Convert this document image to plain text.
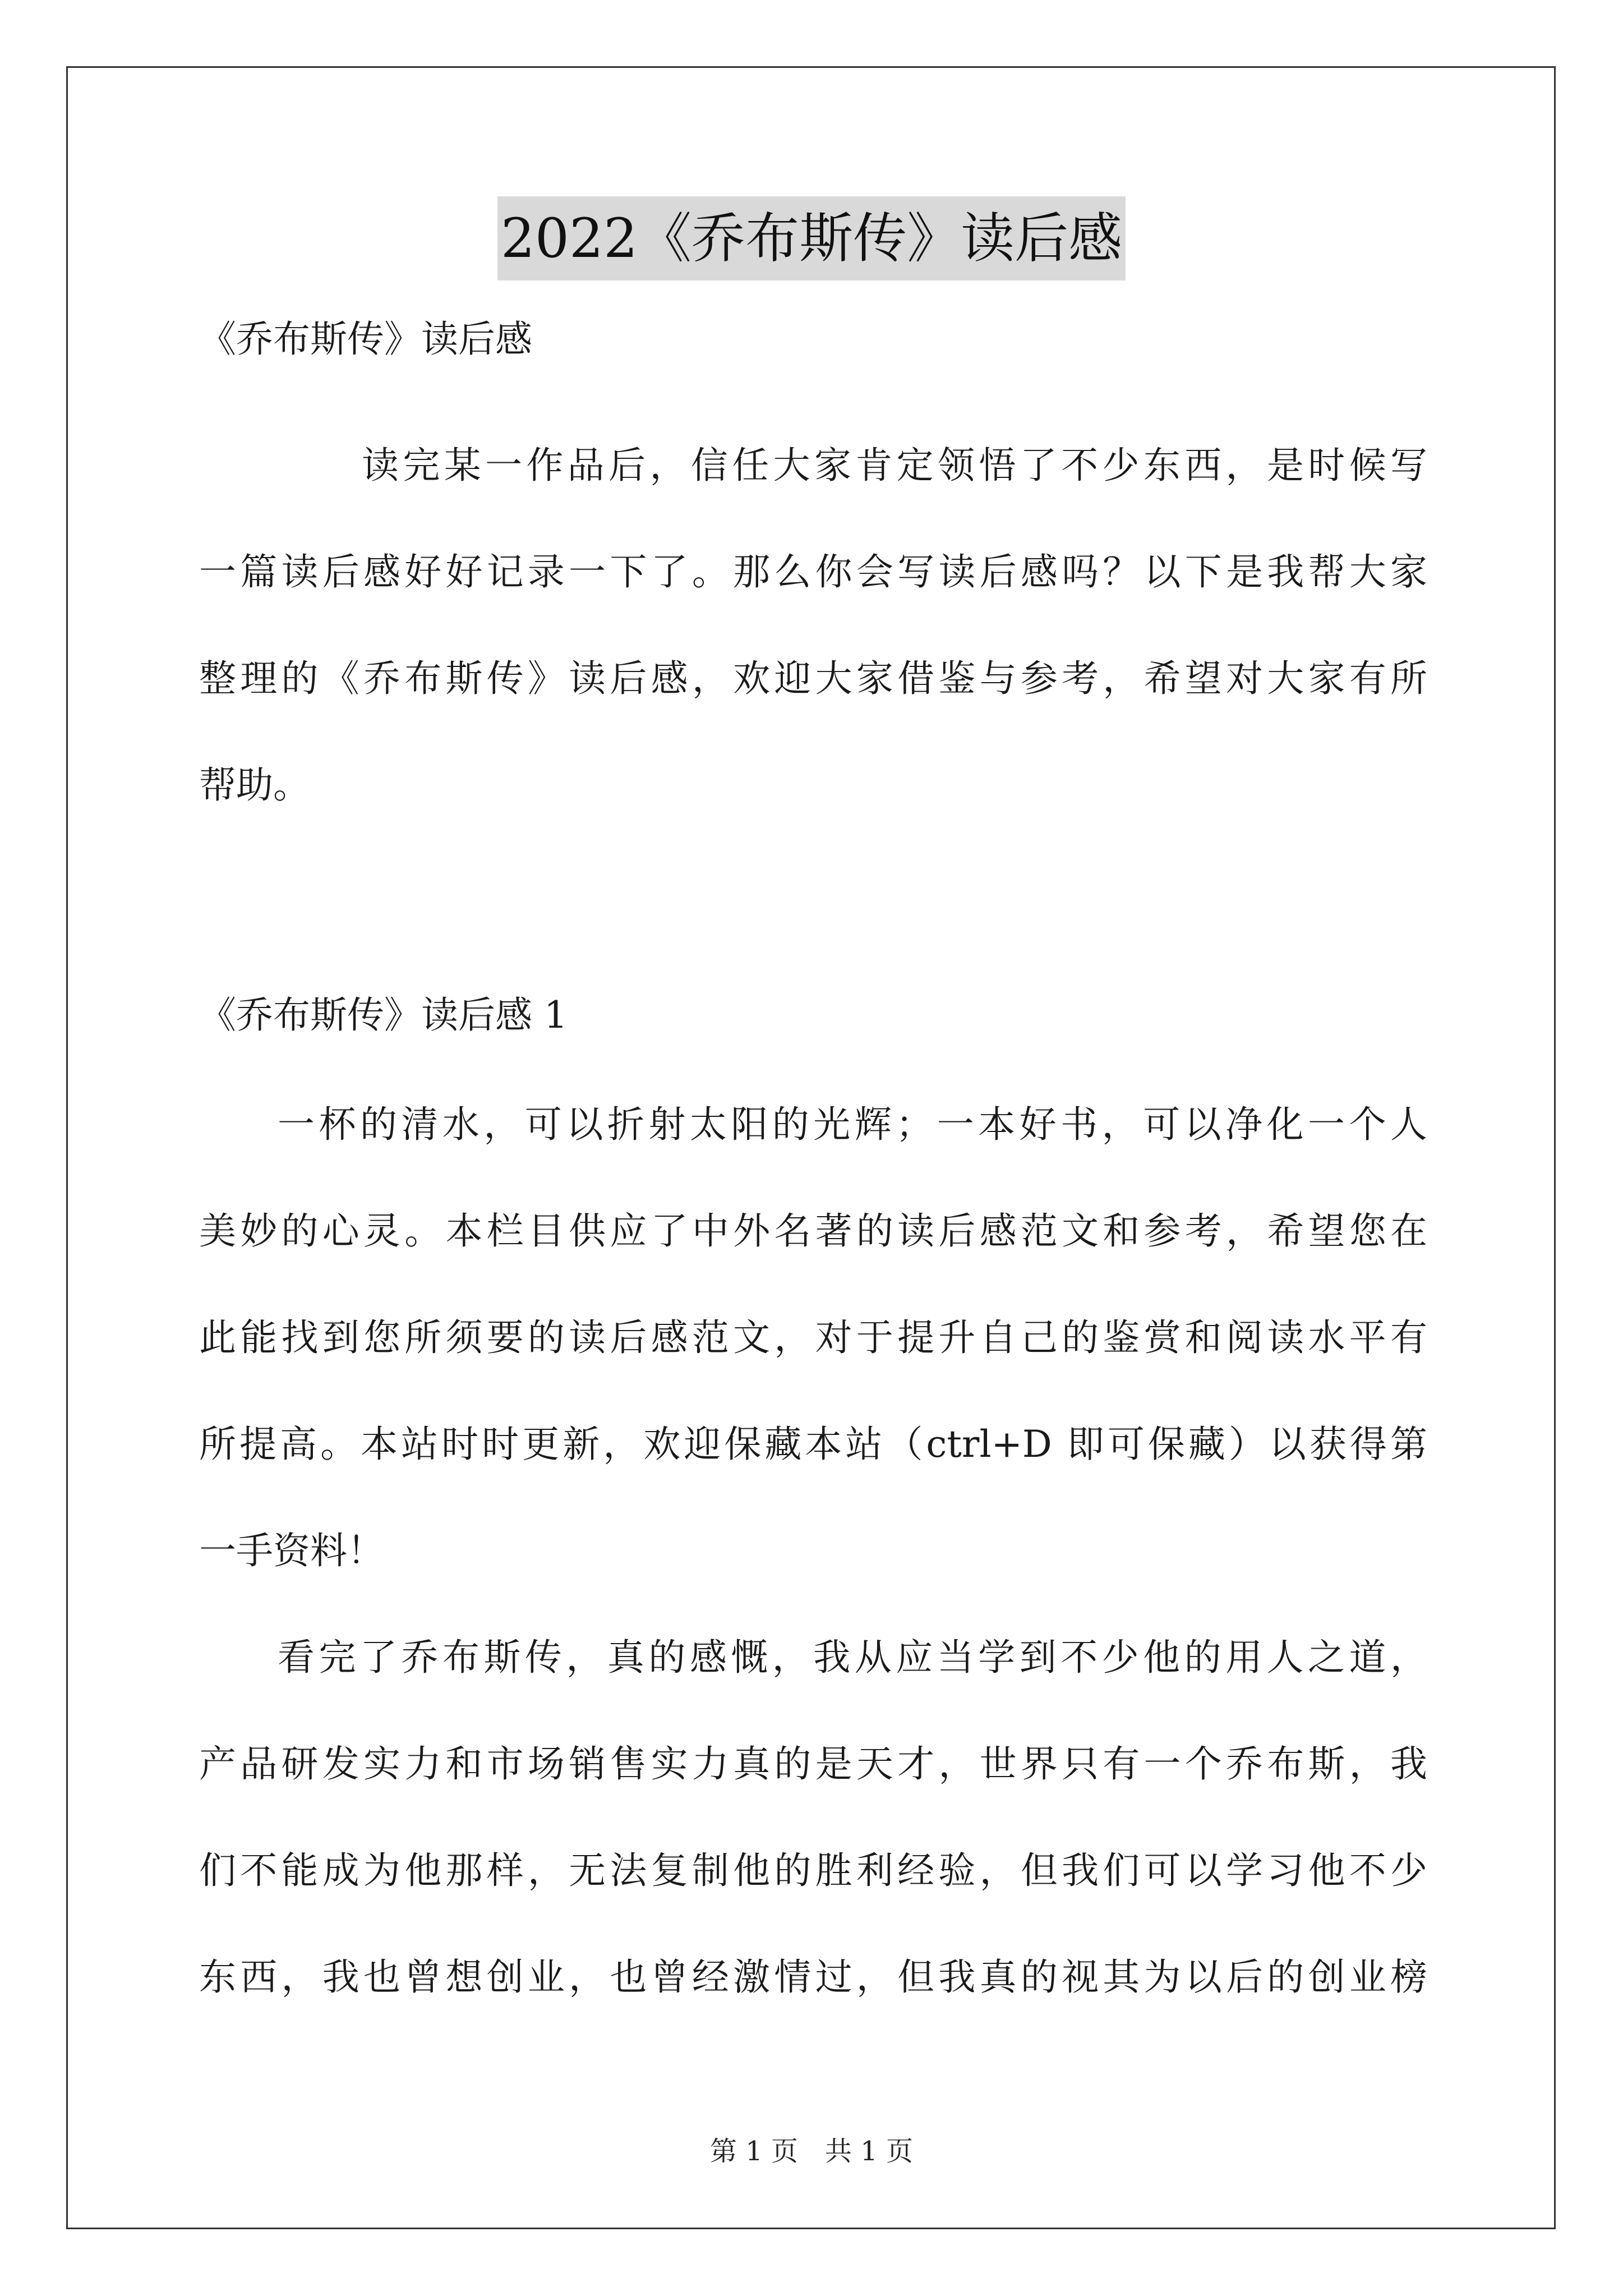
2022《乔布斯传》读后感
《乔布斯传》读后感
读完某一作品后，信任大家肯定领悟了不少东西，是时候写
一篇读后感好好记录一下了。那么你会写读后感吗？以下是我帮大家
整理的《乔布斯传》读后感，欢迎大家借鉴与参考，希望对大家有所
帮助。
《乔布斯传》读后感 1
一杯的清水，可以折射太阳的光辉；一本好书，可以净化一个人
美妙的心灵。本栏目供应了中外名著的读后感范文和参考，希望您在
此能找到您所须要的读后感范文，对于提升自己的鉴赏和阅读水平有
所提高。本站时时更新，欢迎保藏本站（ctrl+D 即可保藏）以获得第
一手资料！
看完了乔布斯传，真的感慨，我从应当学到不少他的用人之道，
产品研发实力和市场销售实力真的是天才，世界只有一个乔布斯，我
们不能成为他那样，无法复制他的胜利经验，但我们可以学习他不少
东西，我也曾想创业，也曾经激情过，但我真的视其为以后的创业榜
第 1 页　共 1 页
